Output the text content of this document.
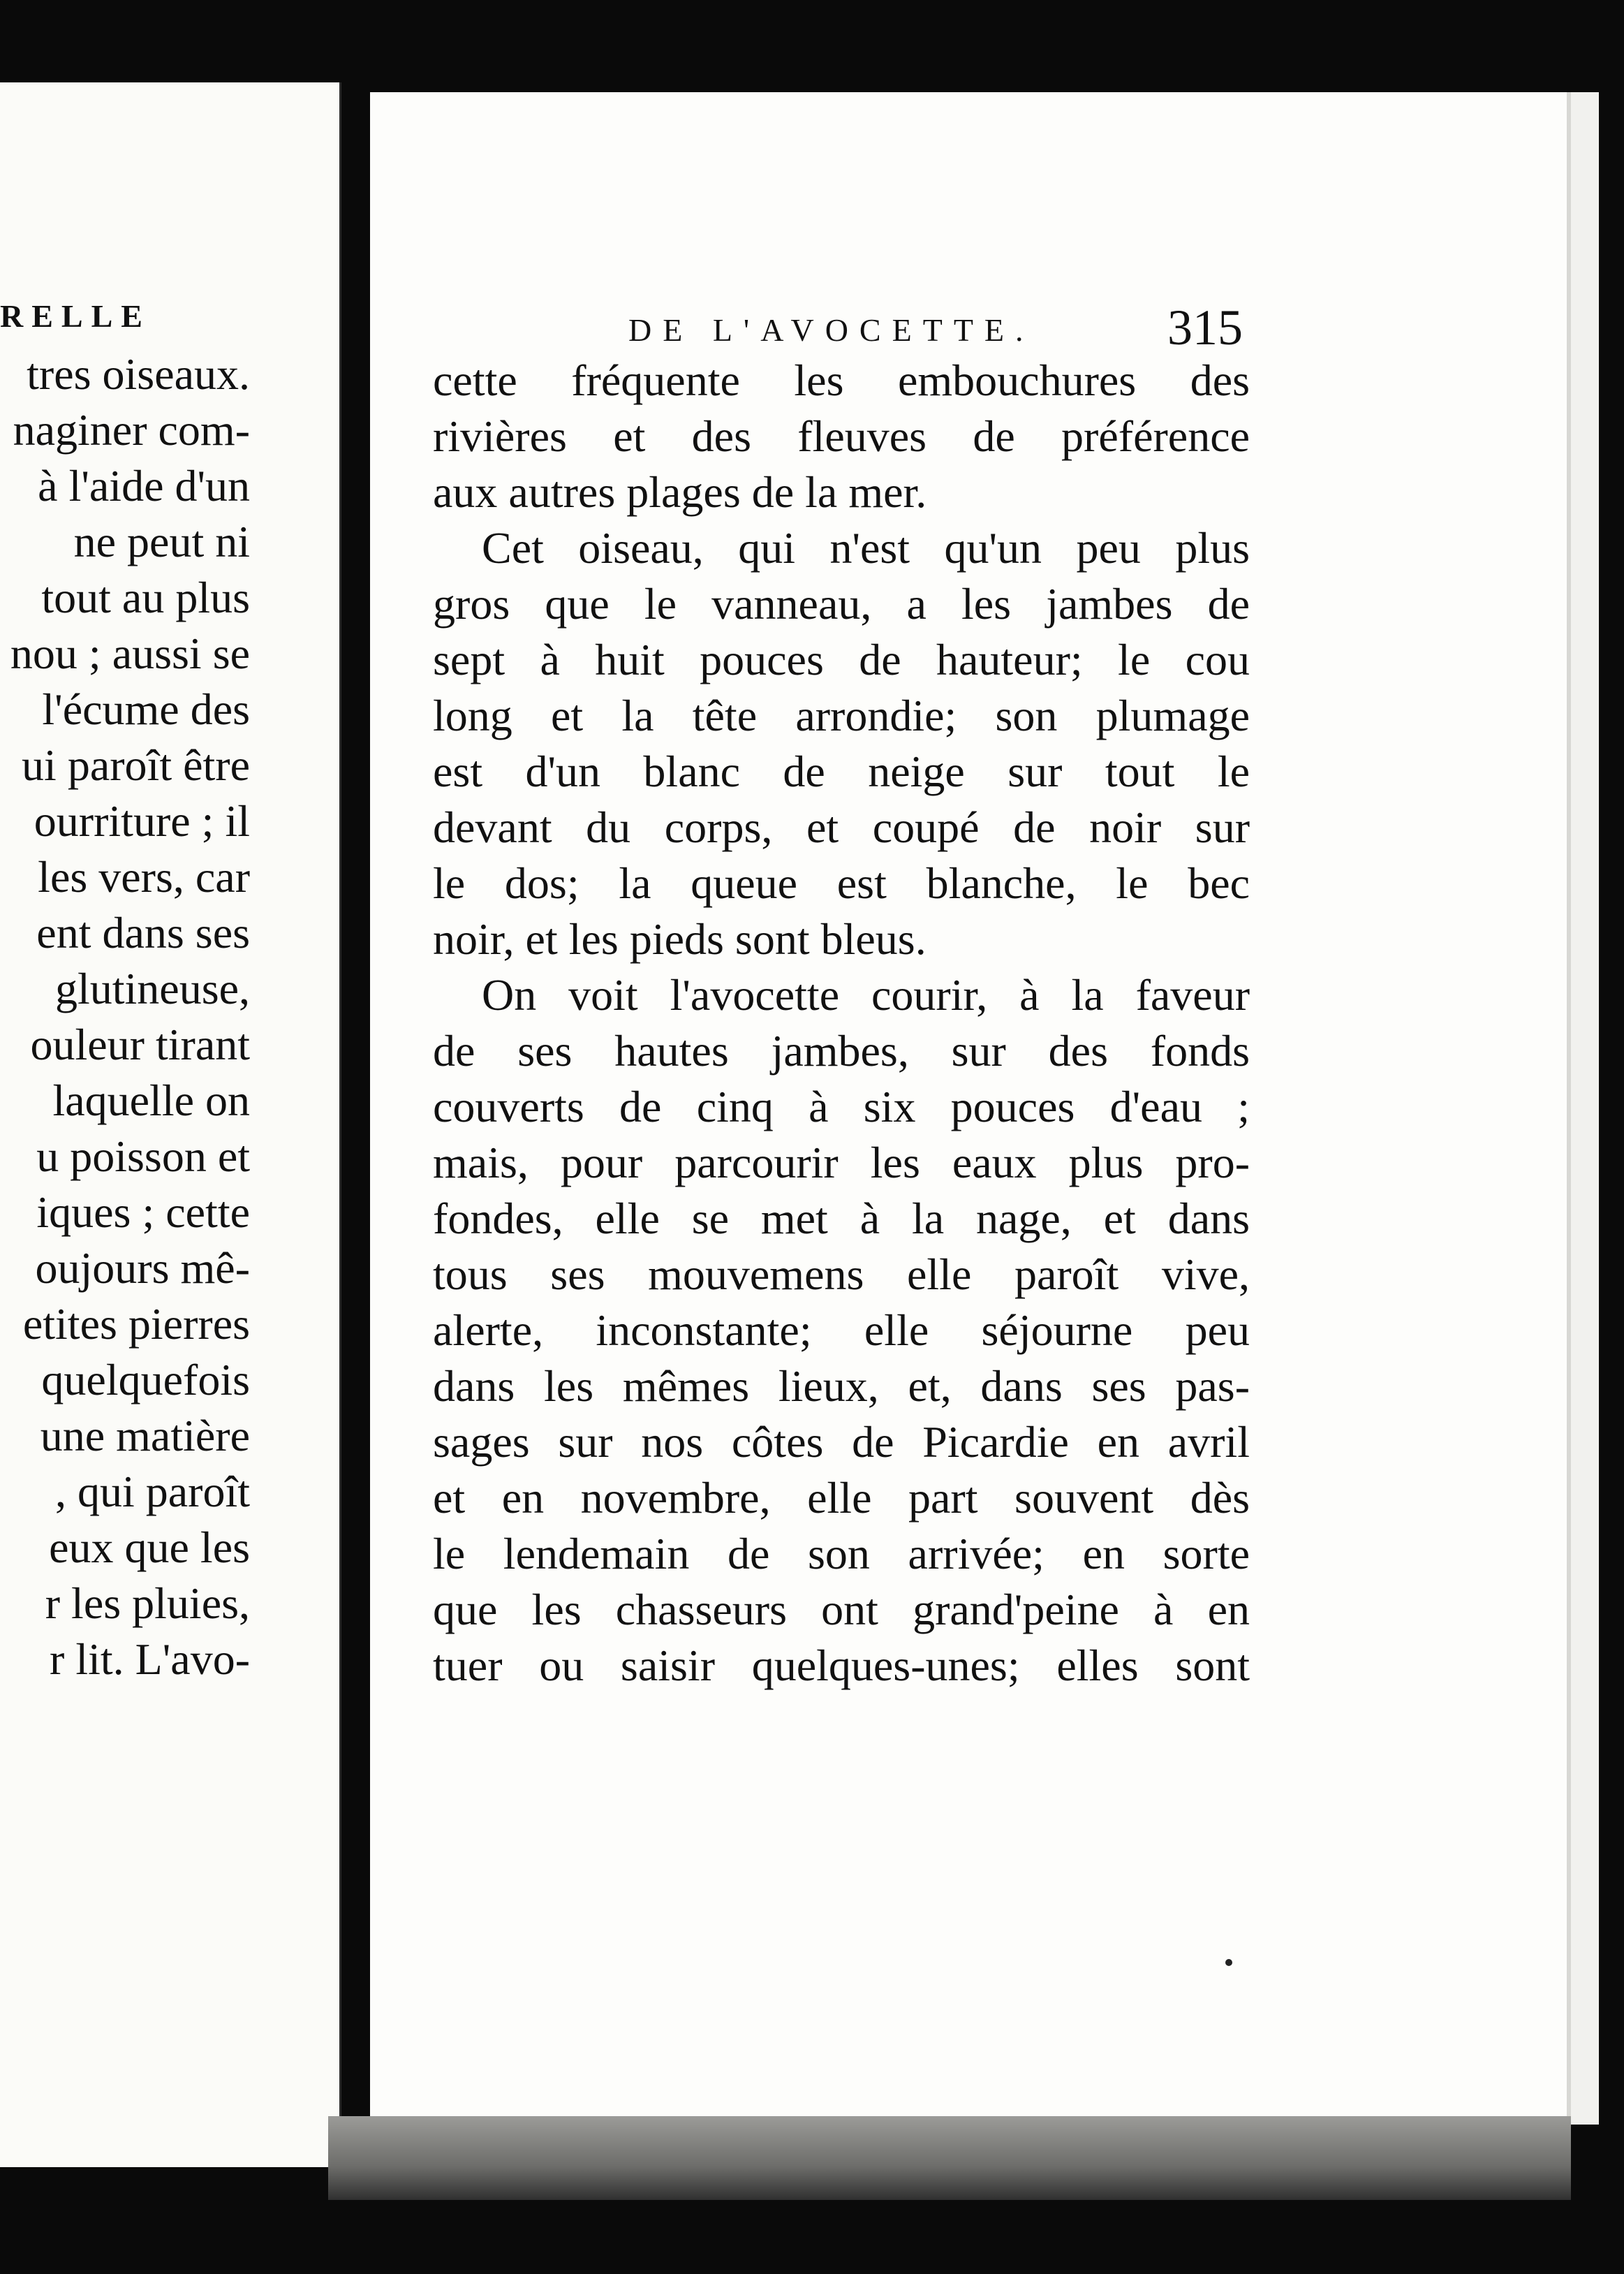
RELLE
tres oiseaux.
naginer com-
à l'aide d'un
ne peut ni
tout au plus
nou ; aussi se
l'écume des
ui paroît être
ourriture ; il
les vers, car
ent dans ses
glutineuse,
ouleur tirant
laquelle on
u poisson et
iques ; cette
oujours mê-
etites pierres
quelquefois
une matière
, qui paroît
eux que les
r les pluies,
r lit. L'avo-
DE L'AVOCETTE.	315
cette fréquente les embouchures des
rivières et des fleuves de préférence
aux autres plages de la mer.
Cet oiseau, qui n'est qu'un peu plus
gros que le vanneau, a les jambes de
sept à huit pouces de hauteur; le cou
long et la tête arrondie; son plumage
est d'un blanc de neige sur tout le
devant du corps, et coupé de noir sur
le dos; la queue est blanche, le bec
noir, et les pieds sont bleus.
On voit l'avocette courir, à la faveur
de ses hautes jambes, sur des fonds
couverts de cinq à six pouces d'eau ;
mais, pour parcourir les eaux plus pro-
fondes, elle se met à la nage, et dans
tous ses mouvemens elle paroît vive,
alerte, inconstante; elle séjourne peu
dans les mêmes lieux, et, dans ses pas-
sages sur nos côtes de Picardie en avril
et en novembre, elle part souvent dès
le lendemain de son arrivée; en sorte
que les chasseurs ont grand'peine à en
tuer ou saisir quelques-unes; elles sont
